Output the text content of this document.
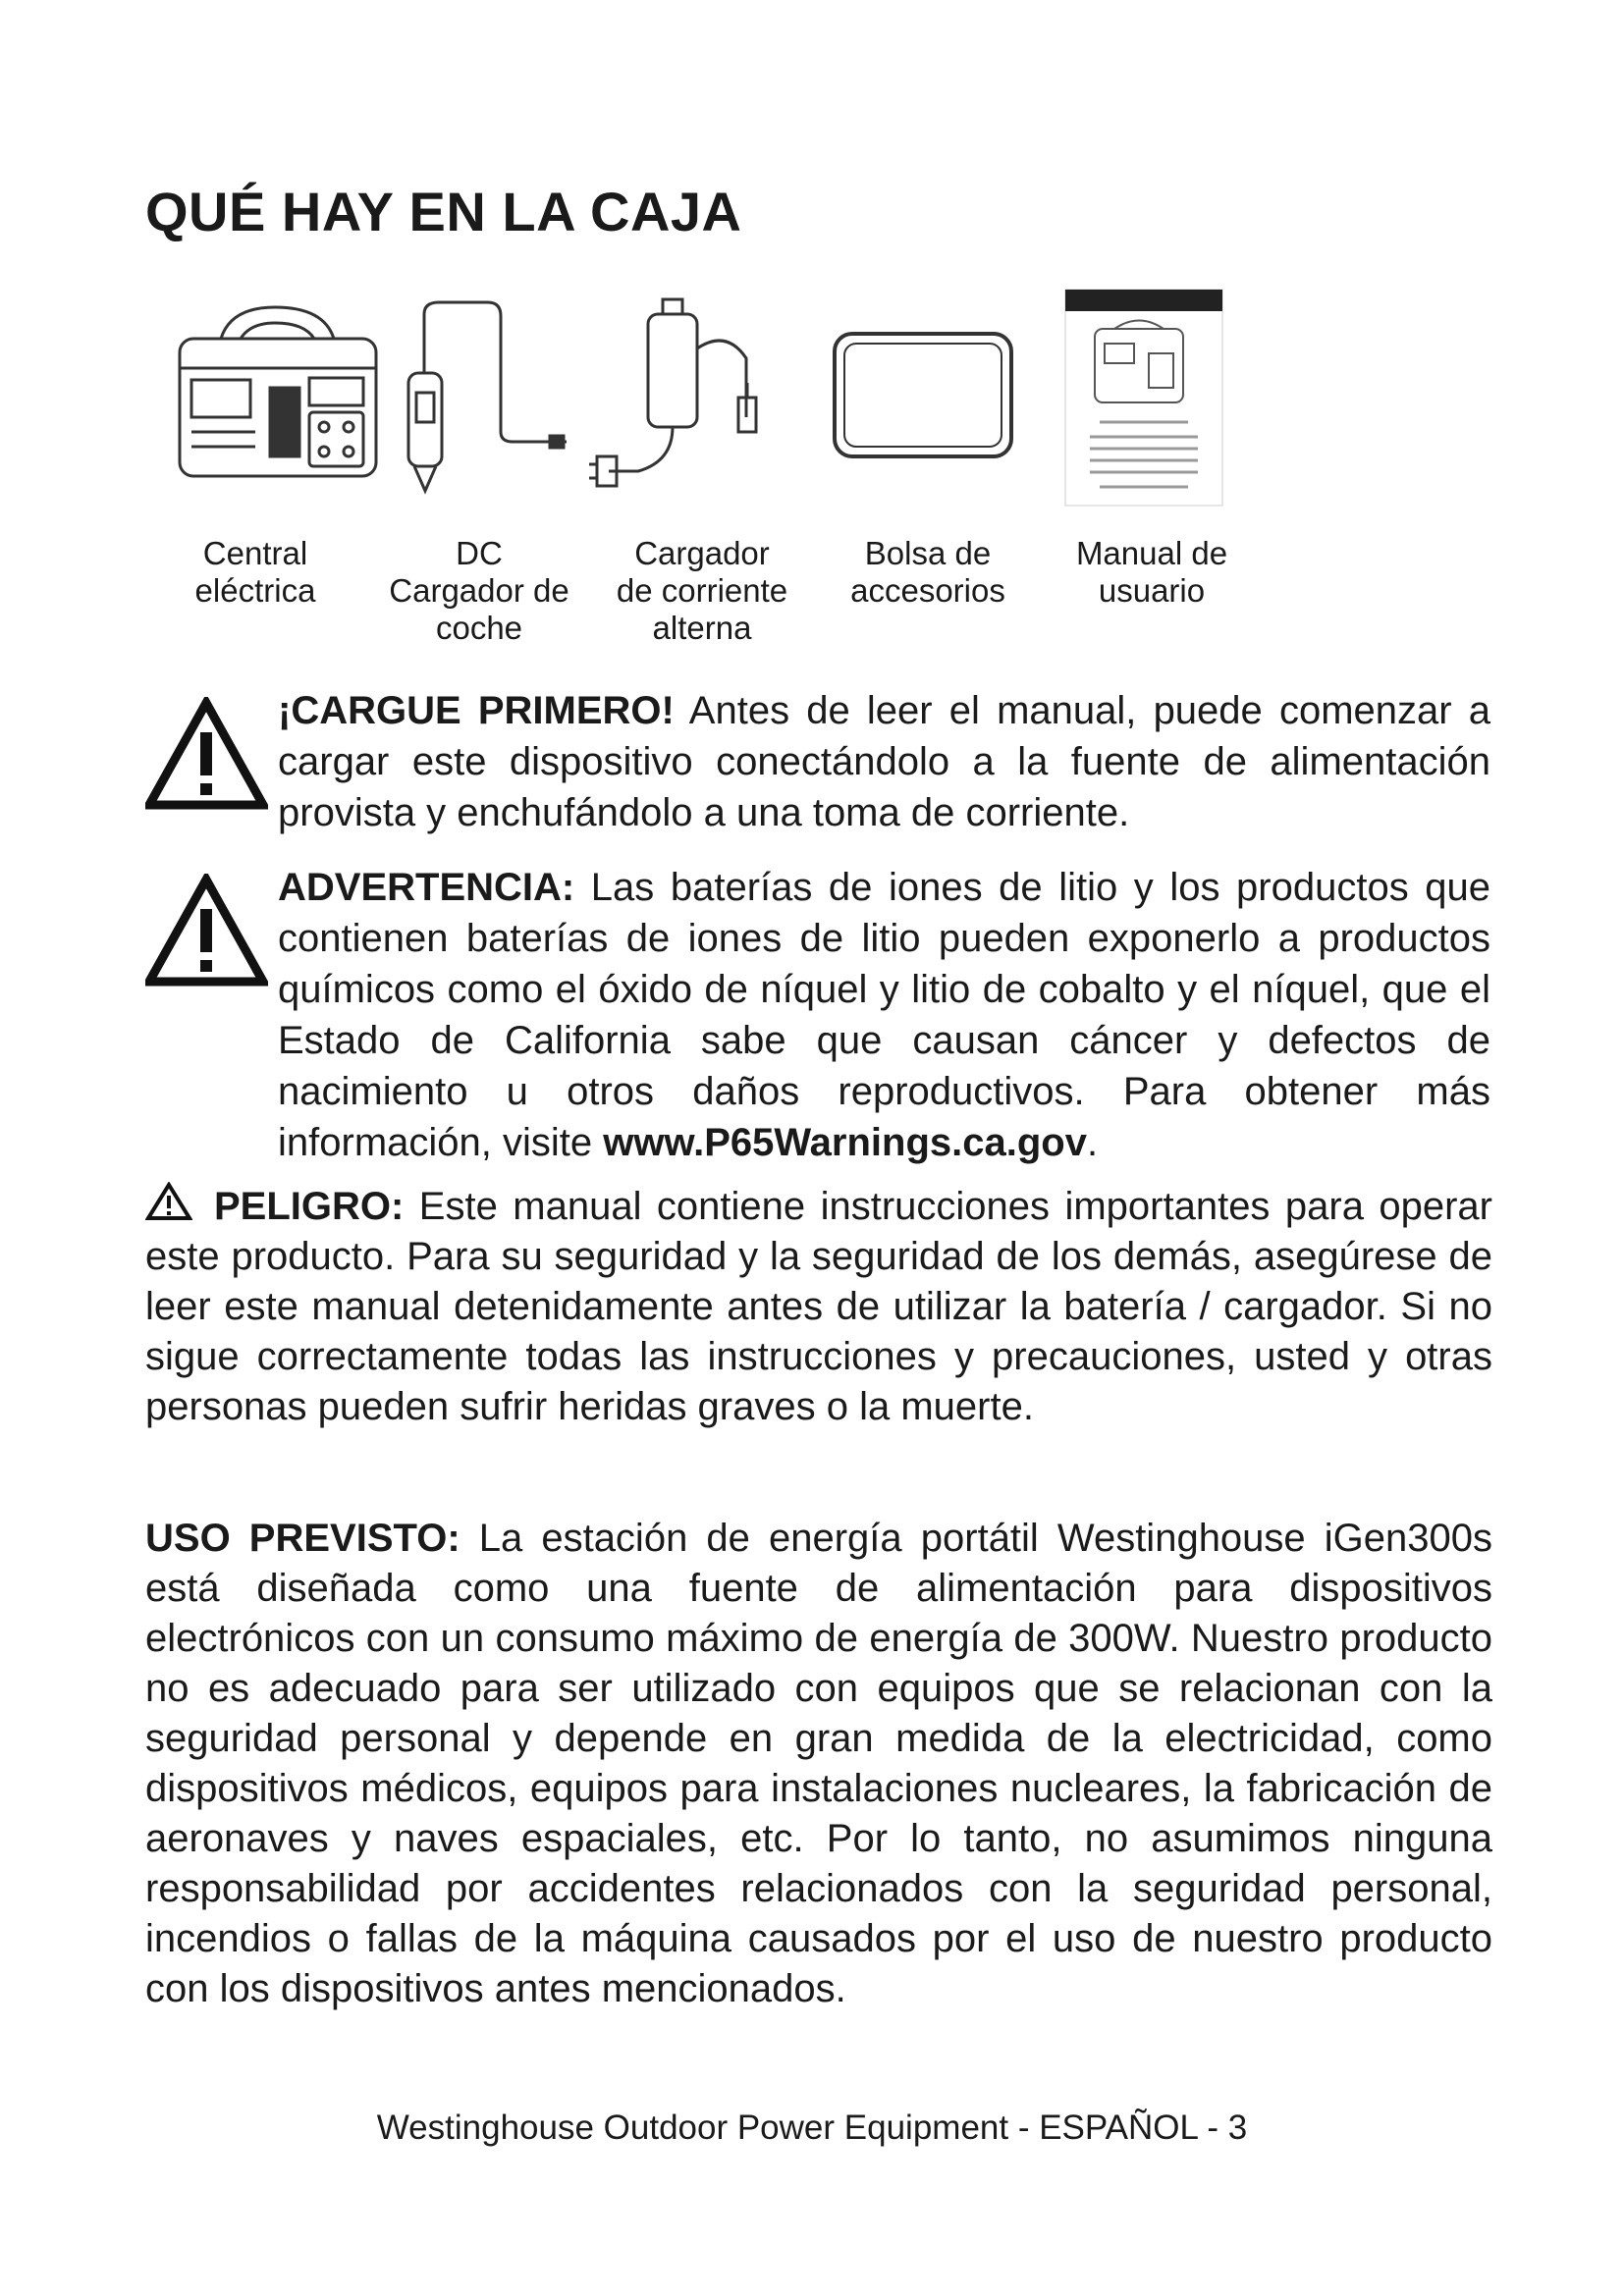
QUÉ HAY EN LA CAJA
Central
eléctrica
DC
Cargador de
coche
Cargador
de corriente
alterna
Bolsa de
accesorios
Manual de
usuario
¡CARGUE PRIMERO! Antes de leer el manual, puede comenzar a cargar este dispositivo conectándolo a la fuente de alimentación provista y enchufándolo a una toma de corriente.
ADVERTENCIA: Las baterías de iones de litio y los productos que contienen baterías de iones de litio pueden exponerlo a productos químicos como el óxido de níquel y litio de cobalto y el níquel, que el Estado de California sabe que causan cáncer y defectos de nacimiento u otros daños reproductivos. Para obtener más información, visite www.P65Warnings.ca.gov.
PELIGRO: Este manual contiene instrucciones importantes para operar este producto. Para su seguridad y la seguridad de los demás, asegúrese de leer este manual detenidamente antes de utilizar la batería / cargador. Si no sigue correctamente todas las instrucciones y precauciones, usted y otras personas pueden sufrir heridas graves o la muerte.
USO PREVISTO: La estación de energía portátil Westinghouse iGen300s está diseñada como una fuente de alimentación para dispositivos electrónicos con un consumo máximo de energía de 300W. Nuestro producto no es adecuado para ser utilizado con equipos que se relacionan con la seguridad personal y depende en gran medida de la electricidad, como dispositivos médicos, equipos para instalaciones nucleares, la fabricación de aeronaves y naves espaciales, etc. Por lo tanto, no asumimos ninguna responsabilidad por accidentes relacionados con la seguridad personal, incendios o fallas de la máquina causados por el uso de nuestro producto con los dispositivos antes mencionados.
Westinghouse Outdoor Power Equipment - ESPAÑOL - 3
